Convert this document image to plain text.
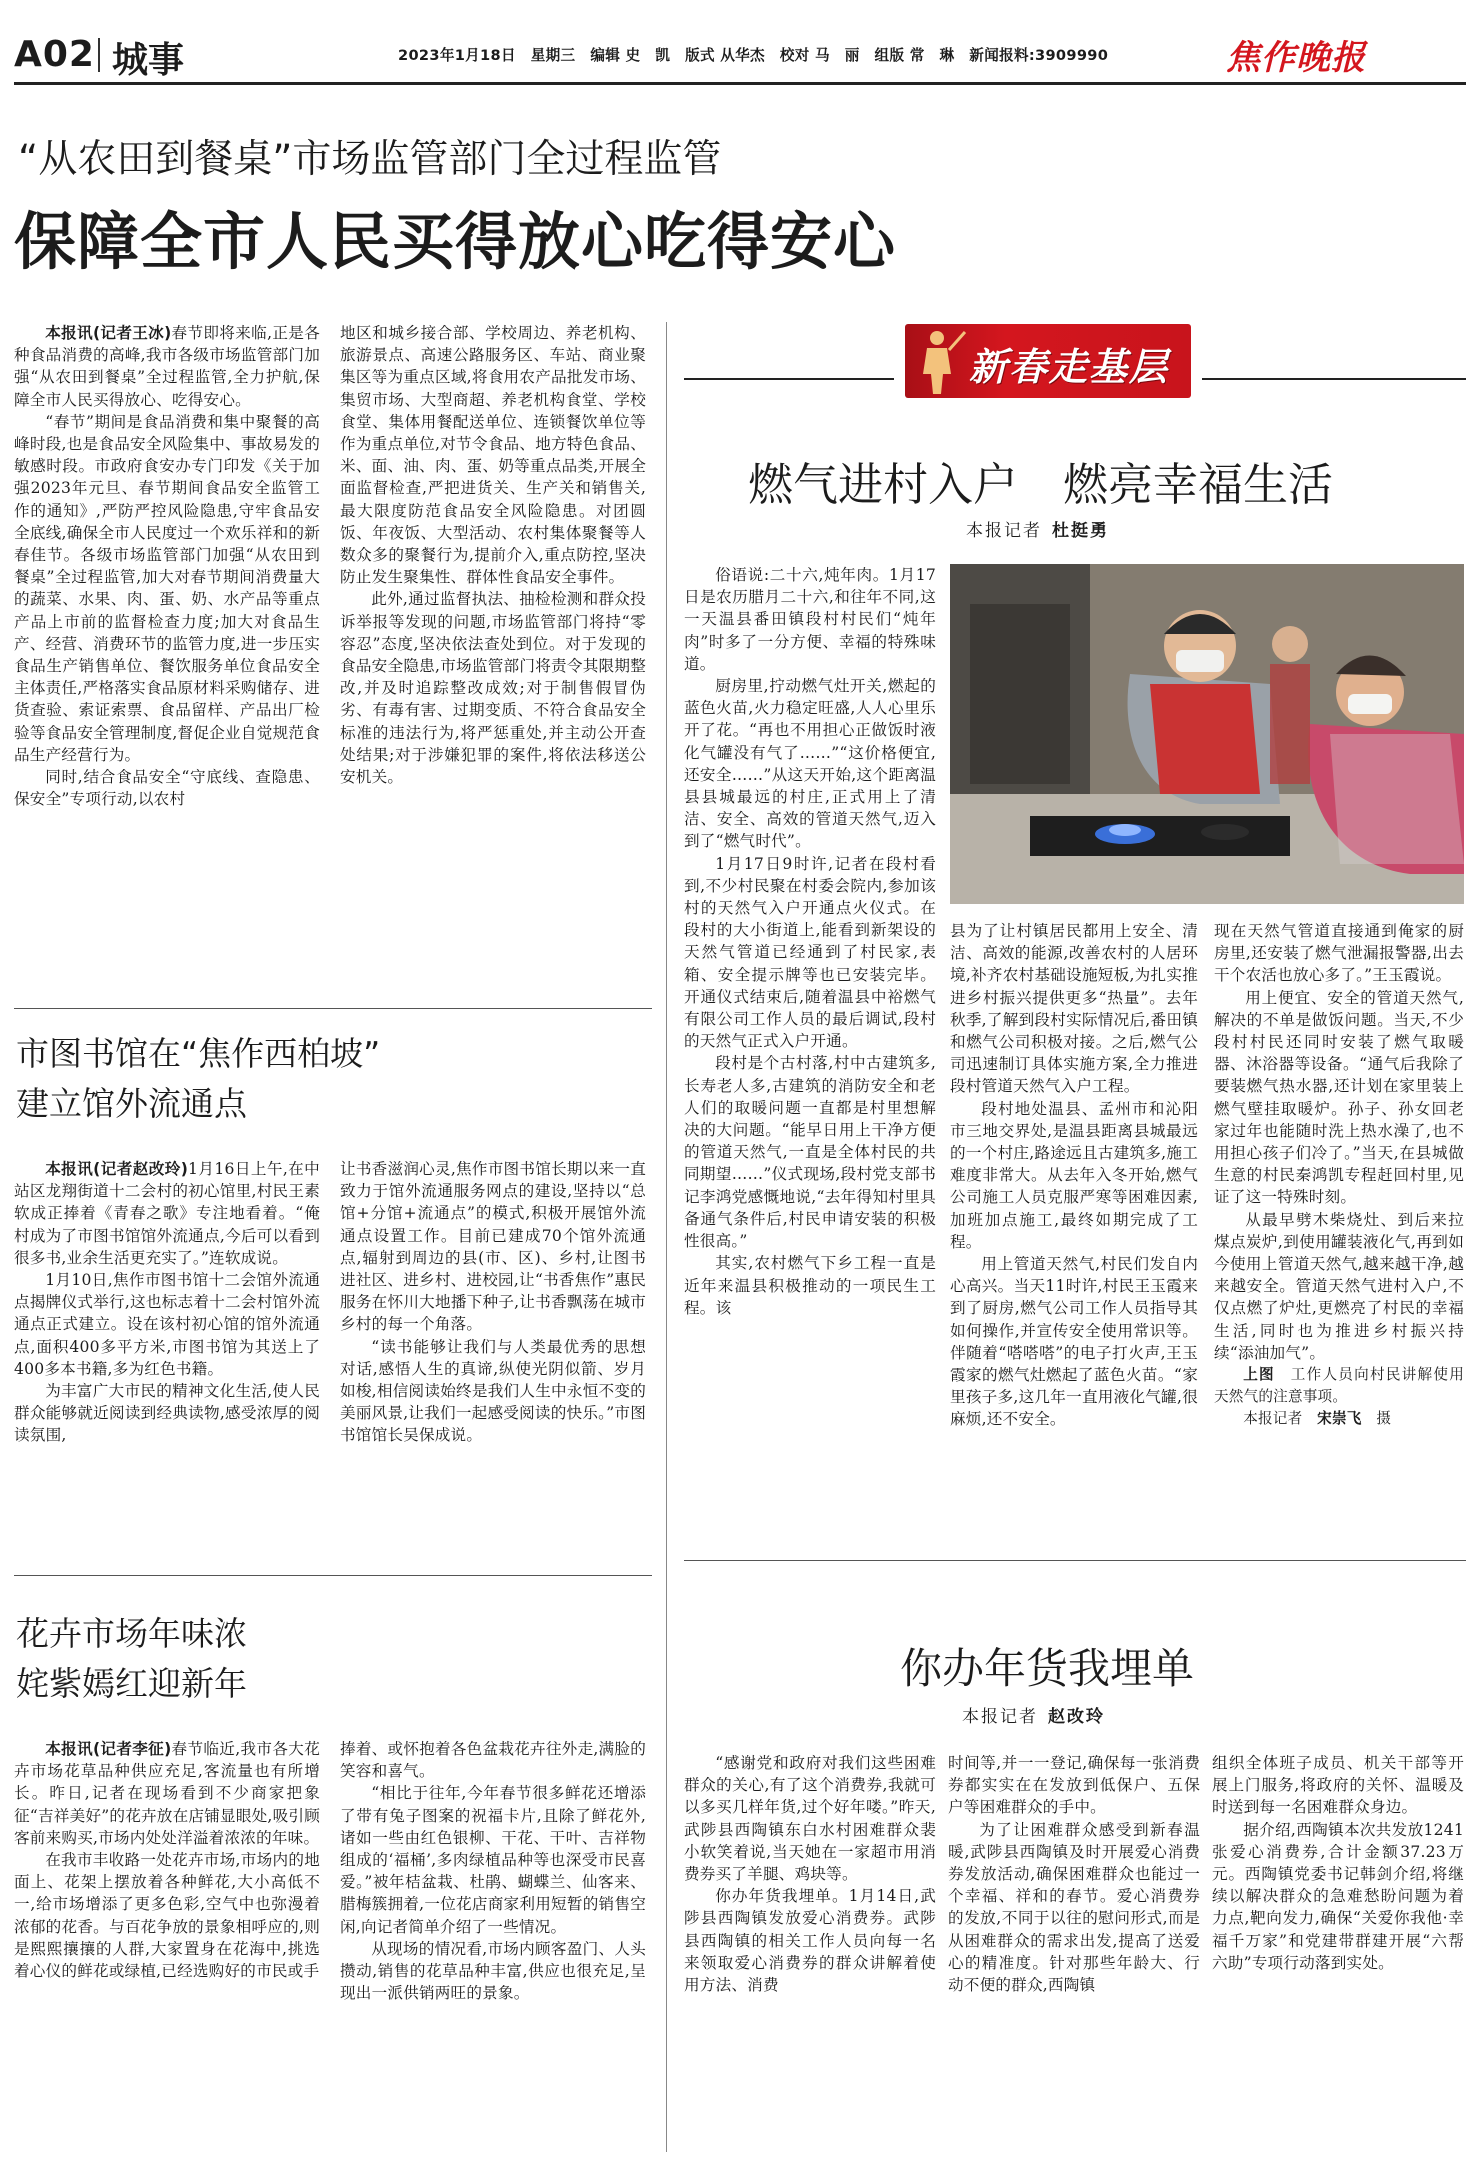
A02 城事	2023年1月18日　星期三　编辑 史　凯　版式 从华杰　校对 马　丽　组版 常　琳　新闻报料:3909990	焦作晚报
“从农田到餐桌”市场监管部门全过程监管
保障全市人民买得放心吃得安心

本报讯(记者王冰)春节即将来临,正是各种食品消费的高峰,我市各级市场监管部门加强“从农田到餐桌”全过程监管,全力护航,保障全市人民买得放心、吃得安心。

“春节”期间是食品消费和集中聚餐的高峰时段,也是食品安全风险集中、事故易发的敏感时段。市政府食安办专门印发《关于加强2023年元旦、春节期间食品安全监管工作的通知》,严防严控风险隐患,守牢食品安全底线,确保全市人民度过一个欢乐祥和的新春佳节。各级市场监管部门加强“从农田到餐桌”全过程监管,加大对春节期间消费量大的蔬菜、水果、肉、蛋、奶、水产品等重点产品上市前的监督检查力度;加大对食品生产、经营、消费环节的监管力度,进一步压实食品生产销售单位、餐饮服务单位食品安全主体责任,严格落实食品原材料采购储存、进货查验、索证索票、食品留样、产品出厂检验等食品安全管理制度,督促企业自觉规范食品生产经营行为。

同时,结合食品安全“守底线、查隐患、保安全”专项行动,以农村

地区和城乡接合部、学校周边、养老机构、旅游景点、高速公路服务区、车站、商业聚集区等为重点区域,将食用农产品批发市场、集贸市场、大型商超、养老机构食堂、学校食堂、集体用餐配送单位、连锁餐饮单位等作为重点单位,对节令食品、地方特色食品、米、面、油、肉、蛋、奶等重点品类,开展全面监督检查,严把进货关、生产关和销售关,最大限度防范食品安全风险隐患。对团圆饭、年夜饭、大型活动、农村集体聚餐等人数众多的聚餐行为,提前介入,重点防控,坚决防止发生聚集性、群体性食品安全事件。

此外,通过监督执法、抽检检测和群众投诉举报等发现的问题,市场监管部门将持“零容忍”态度,坚决依法查处到位。对于发现的食品安全隐患,市场监管部门将责令其限期整改,并及时追踪整改成效;对于制售假冒伪劣、有毒有害、过期变质、不符合食品安全标准的违法行为,将严惩重处,并主动公开查处结果;对于涉嫌犯罪的案件,将依法移送公安机关。

市图书馆在“焦作西柏坡”
建立馆外流通点

本报讯(记者赵改玲)1月16日上午,在中站区龙翔街道十二会村的初心馆里,村民王素软成正捧着《青春之歌》专注地看着。“俺村成为了市图书馆馆外流通点,今后可以看到很多书,业余生活更充实了。”连软成说。

1月10日,焦作市图书馆十二会馆外流通点揭牌仪式举行,这也标志着十二会村馆外流通点正式建立。设在该村初心馆的馆外流通点,面积400多平方米,市图书馆为其送上了400多本书籍,多为红色书籍。

为丰富广大市民的精神文化生活,使人民群众能够就近阅读到经典读物,感受浓厚的阅读氛围,

让书香滋润心灵,焦作市图书馆长期以来一直致力于馆外流通服务网点的建设,坚持以“总馆+分馆+流通点”的模式,积极开展馆外流通点设置工作。目前已建成70个馆外流通点,辐射到周边的县(市、区)、乡村,让图书进社区、进乡村、进校园,让“书香焦作”惠民服务在怀川大地播下种子,让书香飘荡在城市乡村的每一个角落。

“读书能够让我们与人类最优秀的思想对话,感悟人生的真谛,纵使光阴似箭、岁月如梭,相信阅读始终是我们人生中永恒不变的美丽风景,让我们一起感受阅读的快乐。”市图书馆馆长吴保成说。

花卉市场年味浓
姹紫嫣红迎新年

本报讯(记者李征)春节临近,我市各大花卉市场花草品种供应充足,客流量也有所增长。昨日,记者在现场看到不少商家把象征“吉祥美好”的花卉放在店铺显眼处,吸引顾客前来购买,市场内处处洋溢着浓浓的年味。

在我市丰收路一处花卉市场,市场内的地面上、花架上摆放着各种鲜花,大小高低不一,给市场增添了更多色彩,空气中也弥漫着浓郁的花香。与百花争放的景象相呼应的,则是熙熙攘攘的人群,大家置身在花海中,挑选着心仪的鲜花或绿植,已经选购好的市民或手

捧着、或怀抱着各色盆栽花卉往外走,满脸的笑容和喜气。

“相比于往年,今年春节很多鲜花还增添了带有兔子图案的祝福卡片,且除了鲜花外,诸如一些由红色银柳、干花、干叶、吉祥物组成的‘福桶’,多肉绿植品种等也深受市民喜爱。”被年桔盆栽、杜鹃、蝴蝶兰、仙客来、腊梅簇拥着,一位花店商家利用短暂的销售空闲,向记者简单介绍了一些情况。

从现场的情况看,市场内顾客盈门、人头攒动,销售的花草品种丰富,供应也很充足,呈现出一派供销两旺的景象。

新春走基层
燃气进村入户　燃亮幸福生活
本报记者 杜挺勇

俗语说:二十六,炖年肉。1月17日是农历腊月二十六,和往年不同,这一天温县番田镇段村村民们“炖年肉”时多了一分方便、幸福的特殊味道。

厨房里,拧动燃气灶开关,燃起的蓝色火苗,火力稳定旺盛,人人心里乐开了花。“再也不用担心正做饭时液化气罐没有气了……”“这价格便宜,还安全……”从这天开始,这个距离温县县城最远的村庄,正式用上了清洁、安全、高效的管道天然气,迈入到了“燃气时代”。

1月17日9时许,记者在段村看到,不少村民聚在村委会院内,参加该村的天然气入户开通点火仪式。在段村的大小街道上,能看到新架设的天然气管道已经通到了村民家,表箱、安全提示牌等也已安装完毕。开通仪式结束后,随着温县中裕燃气有限公司工作人员的最后调试,段村的天然气正式入户开通。

段村是个古村落,村中古建筑多,长寿老人多,古建筑的消防安全和老人们的取暖问题一直都是村里想解决的大问题。“能早日用上干净方便的管道天然气,一直是全体村民的共同期望……”仪式现场,段村党支部书记李鸿党感慨地说,“去年得知村里具备通气条件后,村民申请安装的积极性很高。”

其实,农村燃气下乡工程一直是近年来温县积极推动的一项民生工程。该

县为了让村镇居民都用上安全、清洁、高效的能源,改善农村的人居环境,补齐农村基础设施短板,为扎实推进乡村振兴提供更多“热量”。去年秋季,了解到段村实际情况后,番田镇和燃气公司积极对接。之后,燃气公司迅速制订具体实施方案,全力推进段村管道天然气入户工程。

段村地处温县、孟州市和沁阳市三地交界处,是温县距离县城最远的一个村庄,路途远且古建筑多,施工难度非常大。从去年入冬开始,燃气公司施工人员克服严寒等困难因素,加班加点施工,最终如期完成了工程。

用上管道天然气,村民们发自内心高兴。当天11时许,村民王玉霞来到了厨房,燃气公司工作人员指导其如何操作,并宣传安全使用常识等。伴随着“嗒嗒嗒”的电子打火声,王玉霞家的燃气灶燃起了蓝色火苗。“家里孩子多,这几年一直用液化气罐,很麻烦,还不安全。

现在天然气管道直接通到俺家的厨房里,还安装了燃气泄漏报警器,出去干个农活也放心多了。”王玉霞说。

用上便宜、安全的管道天然气,解决的不单是做饭问题。当天,不少段村村民还同时安装了燃气取暖器、沐浴器等设备。“通气后我除了要装燃气热水器,还计划在家里装上燃气壁挂取暖炉。孙子、孙女回老家过年也能随时洗上热水澡了,也不用担心孩子们冷了。”当天,在县城做生意的村民秦鸿凯专程赶回村里,见证了这一特殊时刻。

从最早劈木柴烧灶、到后来拉煤点炭炉,到使用罐装液化气,再到如今使用上管道天然气,越来越干净,越来越安全。管道天然气进村入户,不仅点燃了炉灶,更燃亮了村民的幸福生活,同时也为推进乡村振兴持续“添油加气”。

上图　 工作人员向村民讲解使用天然气的注意事项。

本报记者　 宋崇飞　 摄

你办年货我埋单
本报记者 赵改玲

“感谢党和政府对我们这些困难群众的关心,有了这个消费券,我就可以多买几样年货,过个好年喽。”昨天,武陟县西陶镇东白水村困难群众裴小软笑着说,当天她在一家超市用消费券买了羊腿、鸡块等。

你办年货我埋单。1月14日,武陟县西陶镇发放爱心消费券。武陟县西陶镇的相关工作人员向每一名来领取爱心消费券的群众讲解着使用方法、消费

时间等,并一一登记,确保每一张消费券都实实在在发放到低保户、五保户等困难群众的手中。

为了让困难群众感受到新春温暖,武陟县西陶镇及时开展爱心消费券发放活动,确保困难群众也能过一个幸福、祥和的春节。爱心消费券的发放,不同于以往的慰问形式,而是从困难群众的需求出发,提高了送爱心的精准度。针对那些年龄大、行动不便的群众,西陶镇

组织全体班子成员、机关干部等开展上门服务,将政府的关怀、温暖及时送到每一名困难群众身边。

据介绍,西陶镇本次共发放1241张爱心消费券,合计金额37.23万元。西陶镇党委书记韩剑介绍,将继续以解决群众的急难愁盼问题为着力点,靶向发力,确保“关爱你我他·幸福千万家”和党建带群建开展“六帮六助”专项行动落到实处。
